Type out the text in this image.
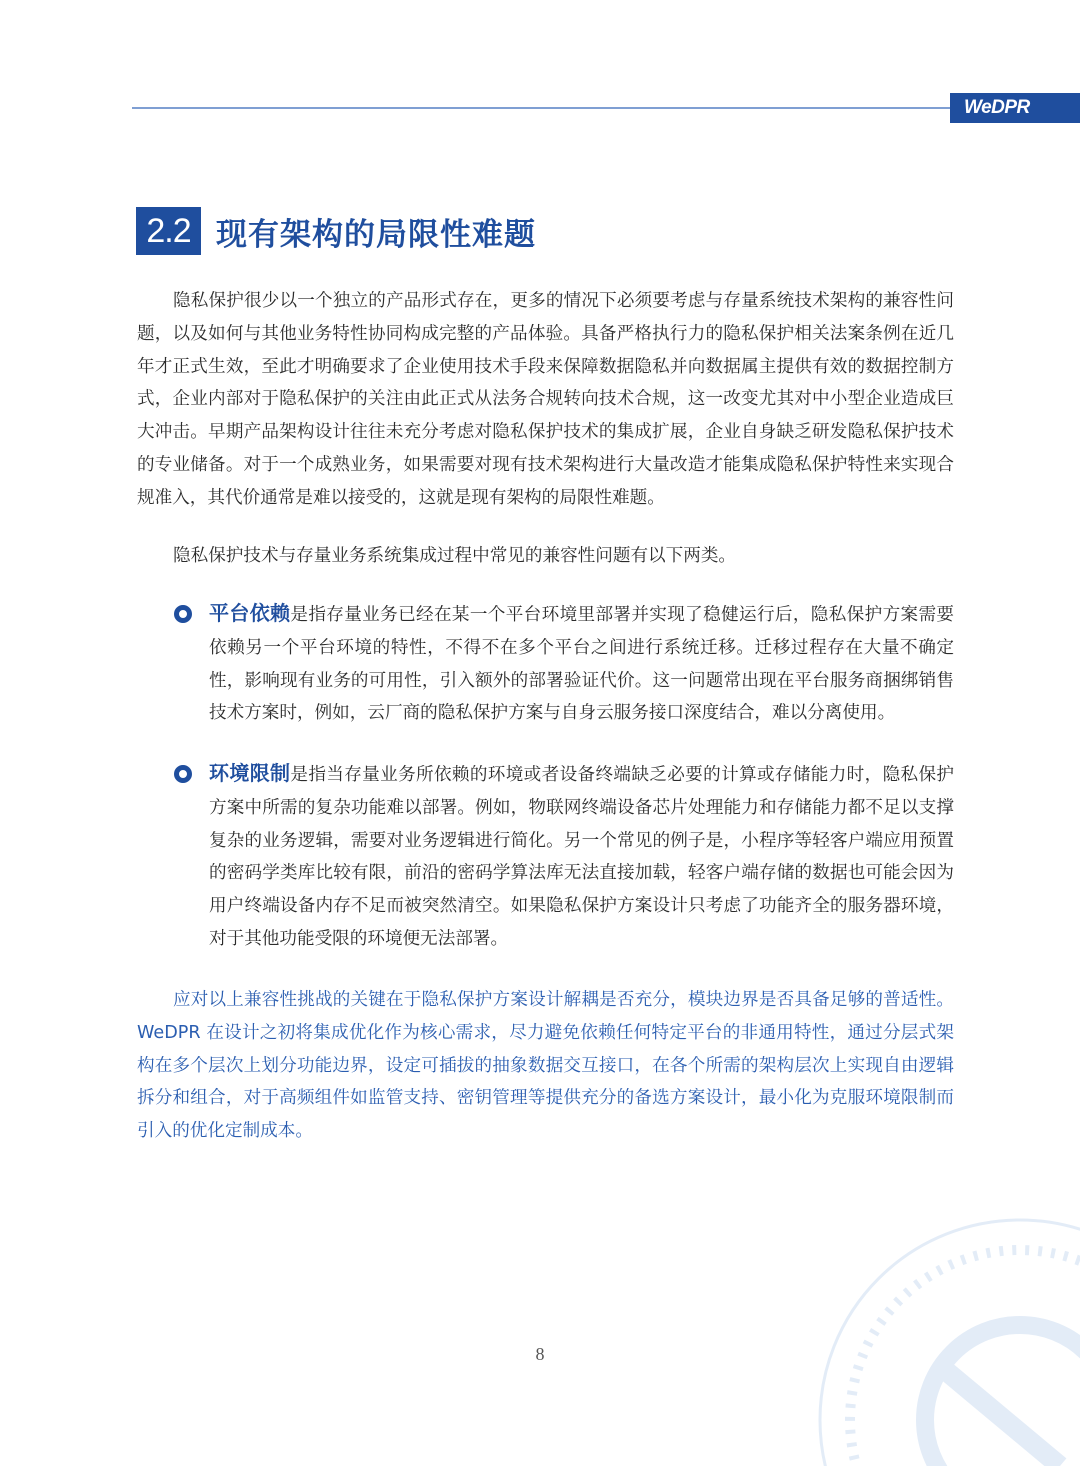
WeDPR
2.2 现有架构的局限性难题

隐私保护很少以一个独立的产品形式存在，更多的情况下必须要考虑与存量系统技术架构的兼容性问题，以及如何与其他业务特性协同构成完整的产品体验。具备严格执行力的隐私保护相关法案条例在近几年才正式生效，至此才明确要求了企业使用技术手段来保障数据隐私并向数据属主提供有效的数据控制方式，企业内部对于隐私保护的关注由此正式从法务合规转向技术合规，这一改变尤其对中小型企业造成巨大冲击。早期产品架构设计往往未充分考虑对隐私保护技术的集成扩展，企业自身缺乏研发隐私保护技术的专业储备。对于一个成熟业务，如果需要对现有技术架构进行大量改造才能集成隐私保护特性来实现合规准入，其代价通常是难以接受的，这就是现有架构的局限性难题。

隐私保护技术与存量业务系统集成过程中常见的兼容性问题有以下两类。

平台依赖是指存量业务已经在某一个平台环境里部署并实现了稳健运行后，隐私保护方案需要依赖另一个平台环境的特性，不得不在多个平台之间进行系统迁移。迁移过程存在大量不确定性，影响现有业务的可用性，引入额外的部署验证代价。这一问题常出现在平台服务商捆绑销售技术方案时，例如，云厂商的隐私保护方案与自身云服务接口深度结合，难以分离使用。

环境限制是指当存量业务所依赖的环境或者设备终端缺乏必要的计算或存储能力时，隐私保护方案中所需的复杂功能难以部署。例如，物联网终端设备芯片处理能力和存储能力都不足以支撑复杂的业务逻辑，需要对业务逻辑进行简化。另一个常见的例子是，小程序等轻客户端应用预置的密码学类库比较有限，前沿的密码学算法库无法直接加载，轻客户端存储的数据也可能会因为用户终端设备内存不足而被突然清空。如果隐私保护方案设计只考虑了功能齐全的服务器环境，对于其他功能受限的环境便无法部署。

应对以上兼容性挑战的关键在于隐私保护方案设计解耦是否充分，模块边界是否具备足够的普适性。WeDPR 在设计之初将集成优化作为核心需求，尽力避免依赖任何特定平台的非通用特性，通过分层式架构在多个层次上划分功能边界，设定可插拔的抽象数据交互接口，在各个所需的架构层次上实现自由逻辑拆分和组合，对于高频组件如监管支持、密钥管理等提供充分的备选方案设计，最小化为克服环境限制而引入的优化定制成本。

8
